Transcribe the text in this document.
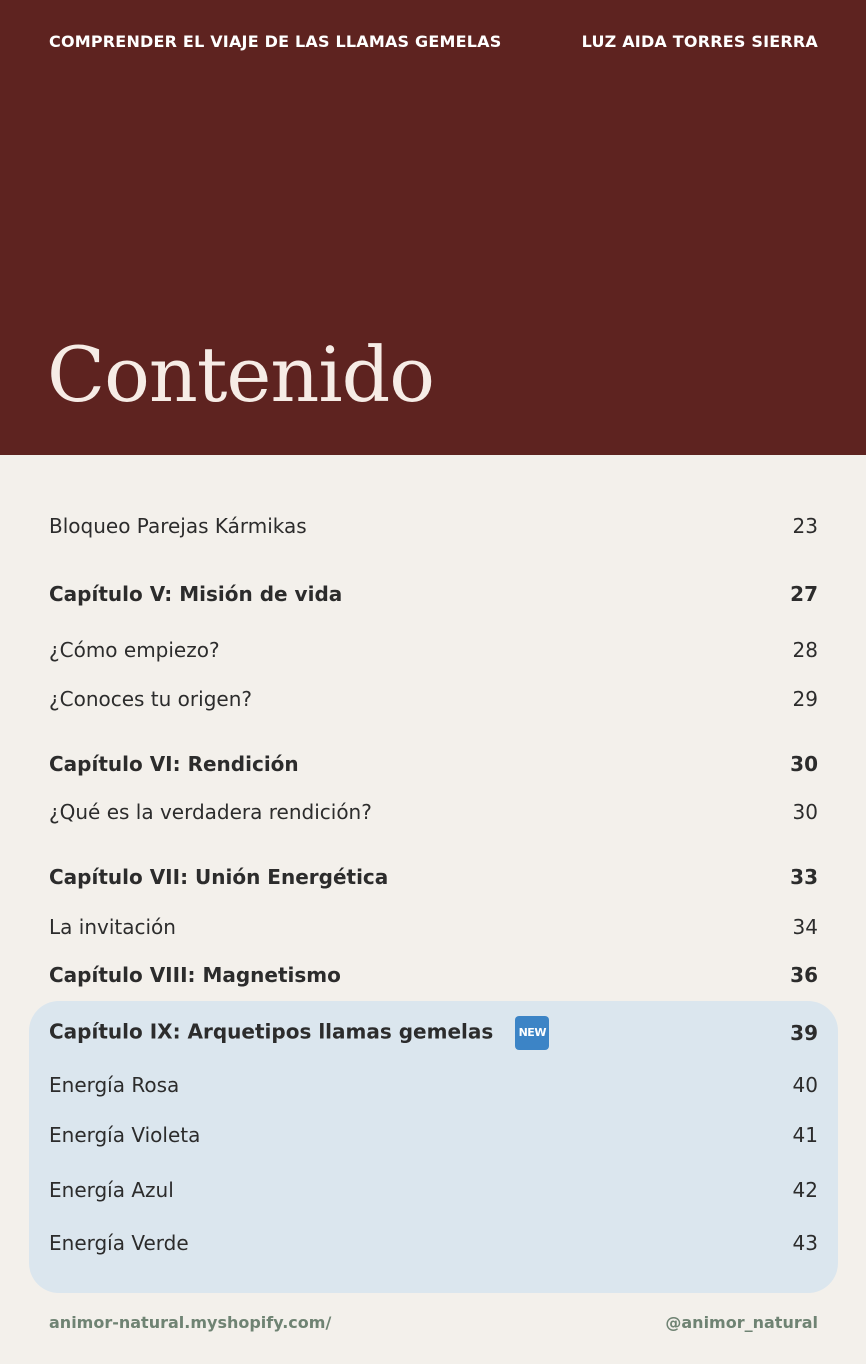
COMPRENDER EL VIAJE DE LAS LLAMAS GEMELAS	LUZ AIDA TORRES SIERRA
Contenido
Bloqueo Parejas Kármikas	23
Capítulo V: Misión de vida	27
¿Cómo empiezo?	28
¿Conoces tu origen?	29
Capítulo VI: Rendición	30
¿Qué es la verdadera rendición?	30
Capítulo VII: Unión Energética	33
La invitación	34
Capítulo VIII: Magnetismo	36
Capítulo IX: Arquetipos llamas gemelas NEW	39
Energía Rosa	40
Energía Violeta	41
Energía Azul	42
Energía Verde	43
animor-natural.myshopify.com/	@animor_natural
